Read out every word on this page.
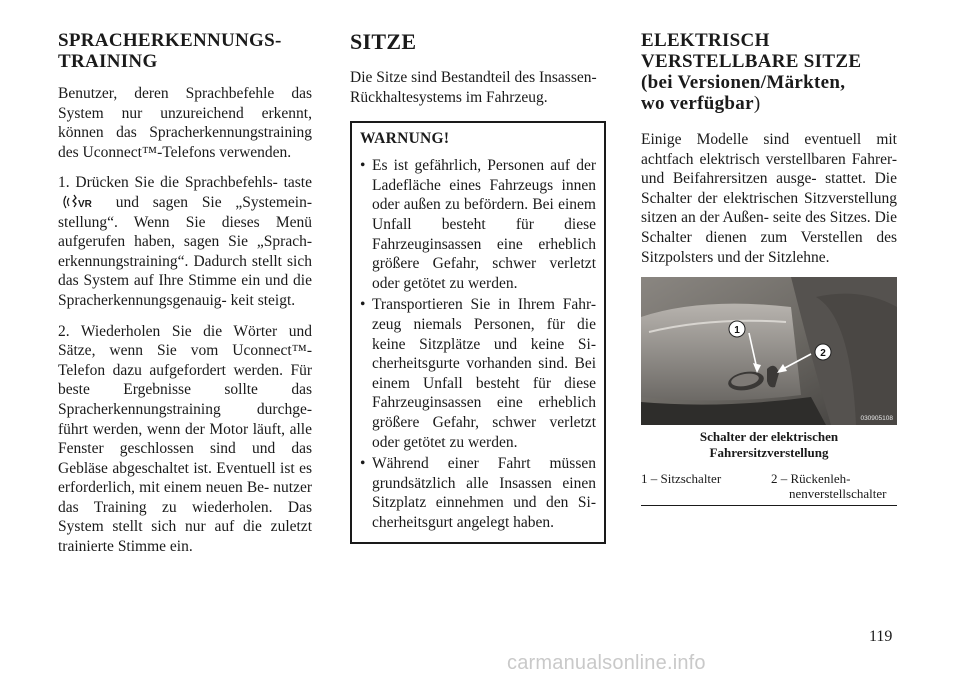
SPRACHERKENNUNGS- TRAINING

Benutzer, deren Sprachbefehle das System nur unzureichend erkennt, können das Spracherkennungstraining des Uconnect™-Telefons verwenden.

1. Drücken Sie die Sprachbefehls- taste
VR und sagen Sie „Systemein- stellung“. Wenn Sie dieses Menü aufgerufen haben, sagen Sie „Sprach- erkennungstraining“. Dadurch stellt sich das System auf Ihre Stimme ein und die Spracherkennungsgenauig- keit steigt.

2. Wiederholen Sie die Wörter und Sätze, wenn Sie vom Uconnect™- Telefon dazu aufgefordert werden. Für beste Ergebnisse sollte das Spracherkennungstraining durchge- führt werden, wenn der Motor läuft, alle Fenster geschlossen sind und das Gebläse abgeschaltet ist. Eventuell ist es erforderlich, mit einem neuen Be- nutzer das Training zu wiederholen. Das System stellt sich nur auf die zuletzt trainierte Stimme ein.

SITZE

Die Sitze sind Bestandteil des Insassen- Rückhaltesystems im Fahrzeug.

WARNUNG!
• Es ist gefährlich, Personen auf der Ladefläche eines Fahrzeugs innen oder außen zu befördern. Bei einem Unfall besteht für diese Fahrzeuginsassen eine erheblich größere Gefahr, schwer verletzt oder getötet zu werden.
• Transportieren Sie in Ihrem Fahr- zeug niemals Personen, für die keine Sitzplätze und keine Si- cherheitsgurte vorhanden sind. Bei einem Unfall besteht für diese Fahrzeuginsassen eine erheblich größere Gefahr, schwer verletzt oder getötet zu werden.
• Während einer Fahrt müssen grundsätzlich alle Insassen einen Sitzplatz einnehmen und den Si- cherheitsgurt angelegt haben.
ELEKTRISCH
VERSTELLBARE SITZE
(bei Versionen/Märkten,
wo verfügbar)

Einige Modelle sind eventuell mit achtfach elektrisch verstellbaren Fahrer- und Beifahrersitzen ausge- stattet. Die Schalter der elektrischen Sitzverstellung sitzen an der Außen- seite des Sitzes. Die Schalter dienen zum Verstellen des Sitzpolsters und der Sitzlehne.

1
2
030905108
Schalter der elektrischen
Fahrersitzverstellung
1 – Sitzschalter	2 – Rückenleh-
nenverstellschalter
119
carmanualsonline.info
